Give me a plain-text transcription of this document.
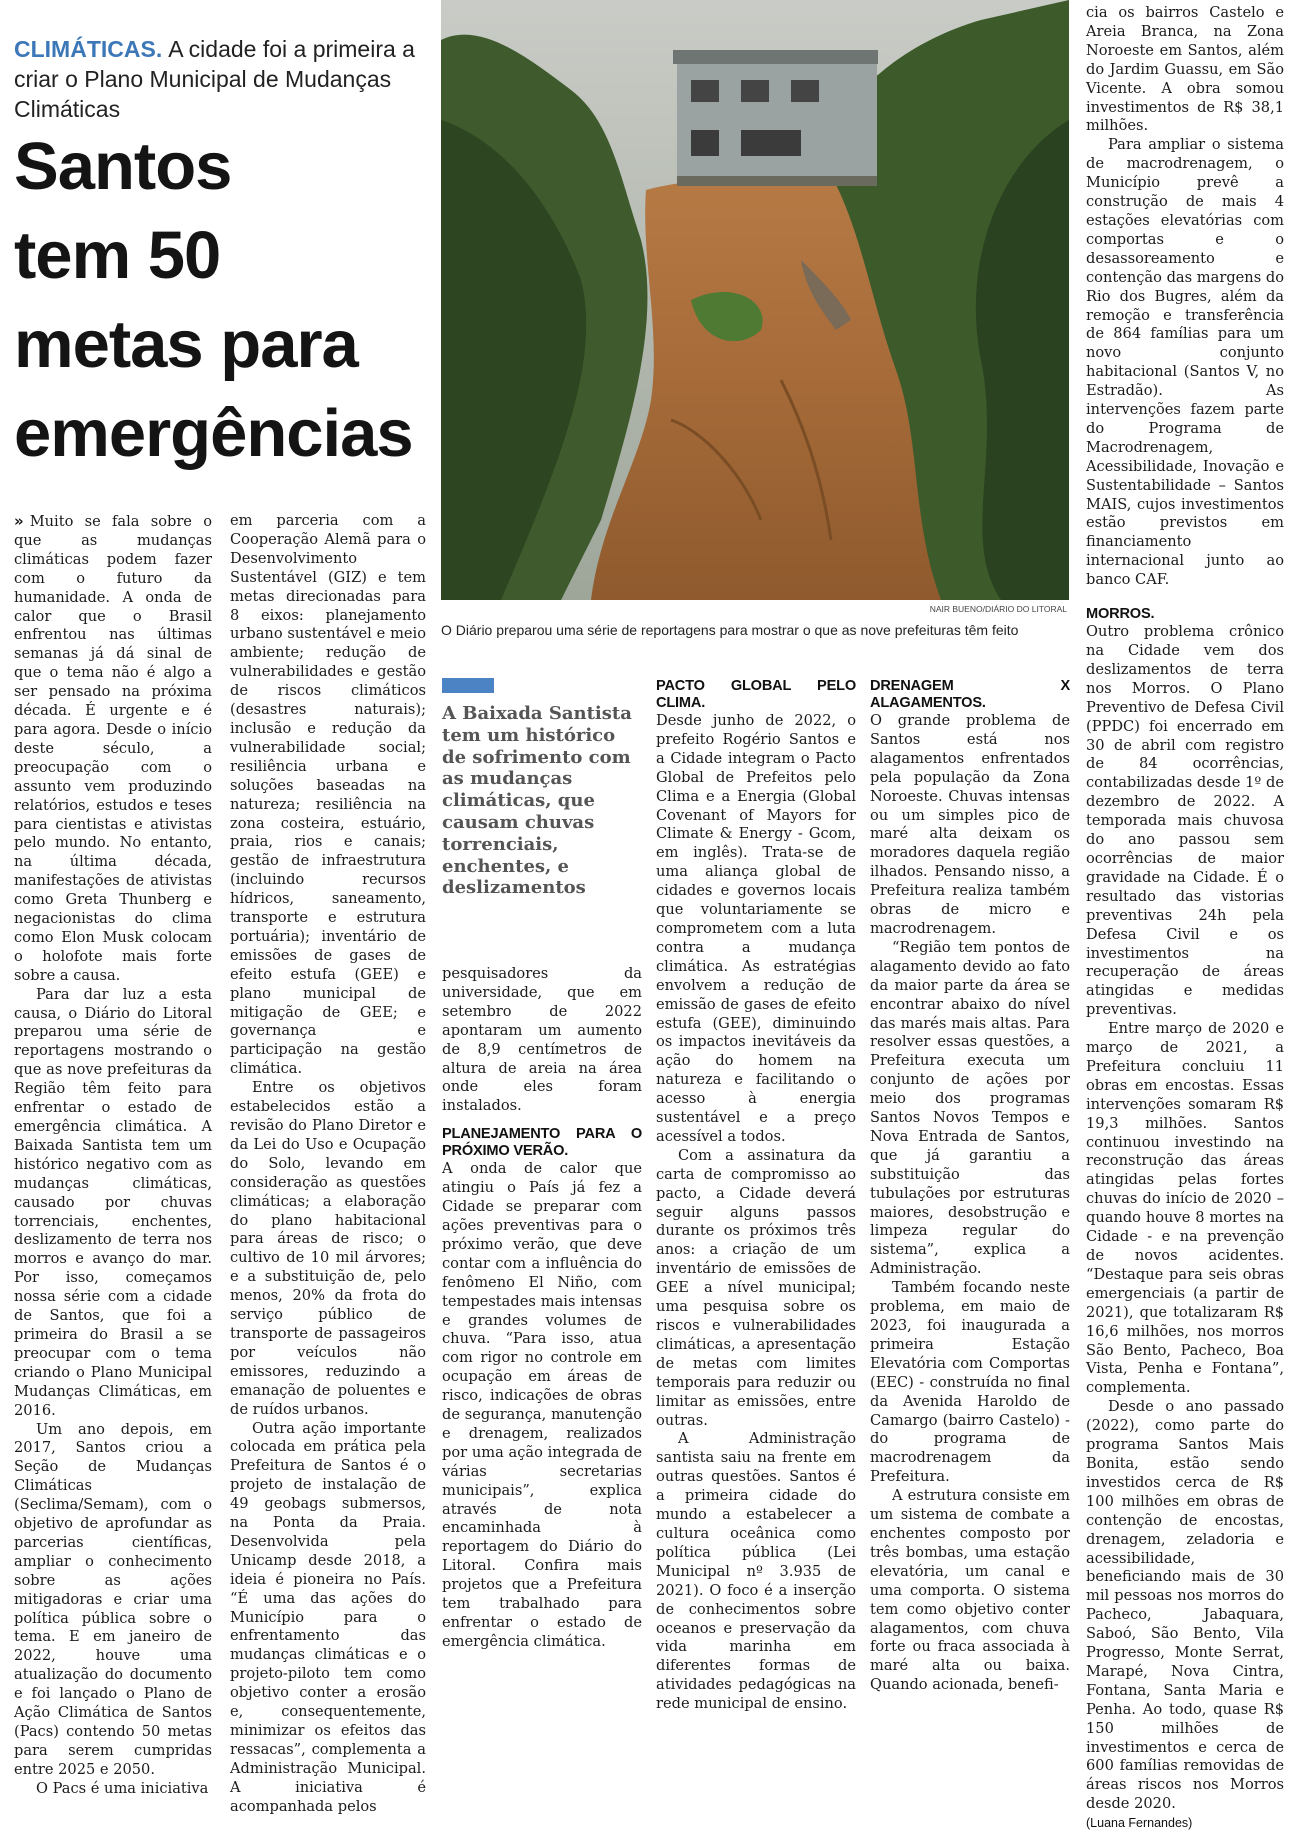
CLIMÁTICAS. A cidade foi a primeira a criar o Plano Municipal de Mudanças Climáticas
Santos
tem 50
metas para
emergências
NAIR BUENO/DIÁRIO DO LITORAL
O Diário preparou uma série de reportagens para mostrar o que as nove prefeituras têm feito

» Muito se fala sobre o que as mudanças climáticas podem fazer com o futuro da humanidade. A onda de calor que o Brasil enfrentou nas últimas semanas já dá sinal de que o tema não é algo a ser pensado na próxima década. É urgente e é para agora. Desde o início deste século, a preocupação com o assunto vem produzindo relatórios, estudos e teses para cientistas e ativistas pelo mundo. No entanto, na última década, manifestações de ativistas como Greta Thunberg e negacionistas do clima como Elon Musk colocam o holofote mais forte sobre a causa.

Para dar luz a esta causa, o Diário do Litoral preparou uma série de reportagens mostrando o que as nove prefeituras da Região têm feito para enfrentar o estado de emergência climática. A Baixada Santista tem um histórico negativo com as mudanças climáticas, causado por chuvas torrenciais, enchentes, deslizamento de terra nos morros e avanço do mar. Por isso, começamos nossa série com a cidade de Santos, que foi a primeira do Brasil a se preocupar com o tema criando o Plano Municipal Mudanças Climáticas, em 2016.

Um ano depois, em 2017, Santos criou a Seção de Mudanças Climáticas (Seclima/Semam), com o objetivo de aprofundar as parcerias científicas, ampliar o conhecimento sobre as ações mitigadoras e criar uma política pública sobre o tema. E em janeiro de 2022, houve uma atualização do documento e foi lançado o Plano de Ação Climática de Santos (Pacs) contendo 50 metas para serem cumpridas entre 2025 e 2050.

O Pacs é uma iniciativa

em parceria com a Cooperação Alemã para o Desenvolvimento Sustentável (GIZ) e tem metas direcionadas para 8 eixos: planejamento urbano sustentável e meio ambiente; redução de vulnerabilidades e gestão de riscos climáticos (desastres naturais); inclusão e redução da vulnerabilidade social; resiliência urbana e soluções baseadas na natureza; resiliência na zona costeira, estuário, praia, rios e canais; gestão de infraestrutura (incluindo recursos hídricos, saneamento, transporte e estrutura portuária); inventário de emissões de gases de efeito estufa (GEE) e plano municipal de mitigação de GEE; e governança e participação na gestão climática.

Entre os objetivos estabelecidos estão a revisão do Plano Diretor e da Lei do Uso e Ocupação do Solo, levando em consideração as questões climáticas; a elaboração do plano habitacional para áreas de risco; o cultivo de 10 mil árvores; e a substituição de, pelo menos, 20% da frota do serviço público de transporte de passageiros por veículos não emissores, reduzindo a emanação de poluentes e de ruídos urbanos.

Outra ação importante colocada em prática pela Prefeitura de Santos é o projeto de instalação de 49 geobags submersos, na Ponta da Praia. Desenvolvida pela Unicamp desde 2018, a ideia é pioneira no País. “É uma das ações do Município para o enfrentamento das mudanças climáticas e o projeto-piloto tem como objetivo conter a erosão e, consequentemente, minimizar os efeitos das ressacas”, complementa a Administração Municipal. A iniciativa é acompanhada pelos

A Baixada Santista tem um histórico de sofrimento com as mudanças climáticas, que causam chuvas torrenciais, enchentes, e deslizamentos

pesquisadores da universidade, que em setembro de 2022 apontaram um aumento de 8,9 centímetros de altura de areia na área onde eles foram instalados.

PLANEJAMENTO PARA O PRÓXIMO VERÃO.

A onda de calor que atingiu o País já fez a Cidade se preparar com ações preventivas para o próximo verão, que deve contar com a influência do fenômeno El Niño, com tempestades mais intensas e grandes volumes de chuva. “Para isso, atua com rigor no controle em ocupação em áreas de risco, indicações de obras de segurança, manutenção e drenagem, realizados por uma ação integrada de várias secretarias municipais”, explica através de nota encaminhada à reportagem do Diário do Litoral. Confira mais projetos que a Prefeitura tem trabalhado para enfrentar o estado de emergência climática.

PACTO GLOBAL PELO CLIMA.

Desde junho de 2022, o prefeito Rogério Santos e a Cidade integram o Pacto Global de Prefeitos pelo Clima e a Energia (Global Covenant of Mayors for Climate & Energy - Gcom, em inglês). Trata-se de uma aliança global de cidades e governos locais que voluntariamente se comprometem com a luta contra a mudança climática. As estratégias envolvem a redução de emissão de gases de efeito estufa (GEE), diminuindo os impactos inevitáveis da ação do homem na natureza e facilitando o acesso à energia sustentável e a preço acessível a todos.

Com a assinatura da carta de compromisso ao pacto, a Cidade deverá seguir alguns passos durante os próximos três anos: a criação de um inventário de emissões de GEE a nível municipal; uma pesquisa sobre os riscos e vulnerabilidades climáticas, a apresentação de metas com limites temporais para reduzir ou limitar as emissões, entre outras.

A Administração santista saiu na frente em outras questões. Santos é a primeira cidade do mundo a estabelecer a cultura oceânica como política pública (Lei Municipal nº 3.935 de 2021). O foco é a inserção de conhecimentos sobre oceanos e preservação da vida marinha em diferentes formas de atividades pedagógicas na rede municipal de ensino.

DRENAGEM X ALAGAMENTOS.

O grande problema de Santos está nos alagamentos enfrentados pela população da Zona Noroeste. Chuvas intensas ou um simples pico de maré alta deixam os moradores daquela região ilhados. Pensando nisso, a Prefeitura realiza também obras de micro e macrodrenagem.

“Região tem pontos de alagamento devido ao fato da maior parte da área se encontrar abaixo do nível das marés mais altas. Para resolver essas questões, a Prefeitura executa um conjunto de ações por meio dos programas Santos Novos Tempos e Nova Entrada de Santos, que já garantiu a substituição das tubulações por estruturas maiores, desobstrução e limpeza regular do sistema”, explica a Administração.

Também focando neste problema, em maio de 2023, foi inaugurada a primeira Estação Elevatória com Comportas (EEC) - construída no final da Avenida Haroldo de Camargo (bairro Castelo) - do programa de macrodrenagem da Prefeitura.

A estrutura consiste em um sistema de combate a enchentes composto por três bombas, uma estação elevatória, um canal e uma comporta. O sistema tem como objetivo conter alagamentos, com chuva forte ou fraca associada à maré alta ou baixa. Quando acionada, benefi-

cia os bairros Castelo e Areia Branca, na Zona Noroeste em Santos, além do Jardim Guassu, em São Vicente. A obra somou investimentos de R$ 38,1 milhões.

Para ampliar o sistema de macrodrenagem, o Município prevê a construção de mais 4 estações elevatórias com comportas e o desassoreamento e contenção das margens do Rio dos Bugres, além da remoção e transferência de 864 famílias para um novo conjunto habitacional (Santos V, no Estradão). As intervenções fazem parte do Programa de Macrodrenagem, Acessibilidade, Inovação e Sustentabilidade – Santos MAIS, cujos investimentos estão previstos em financiamento internacional junto ao banco CAF.

MORROS.

Outro problema crônico na Cidade vem dos deslizamentos de terra nos Morros. O Plano Preventivo de Defesa Civil (PPDC) foi encerrado em 30 de abril com registro de 84 ocorrências, contabilizadas desde 1º de dezembro de 2022. A temporada mais chuvosa do ano passou sem ocorrências de maior gravidade na Cidade. É o resultado das vistorias preventivas 24h pela Defesa Civil e os investimentos na recuperação de áreas atingidas e medidas preventivas.

Entre março de 2020 e março de 2021, a Prefeitura concluiu 11 obras em encostas. Essas intervenções somaram R$ 19,3 milhões. Santos continuou investindo na reconstrução das áreas atingidas pelas fortes chuvas do início de 2020 – quando houve 8 mortes na Cidade - e na prevenção de novos acidentes. “Destaque para seis obras emergenciais (a partir de 2021), que totalizaram R$ 16,6 milhões, nos morros São Bento, Pacheco, Boa Vista, Penha e Fontana”, complementa.

Desde o ano passado (2022), como parte do programa Santos Mais Bonita, estão sendo investidos cerca de R$ 100 milhões em obras de contenção de encostas, drenagem, zeladoria e acessibilidade, beneficiando mais de 30 mil pessoas nos morros do Pacheco, Jabaquara, Saboó, São Bento, Vila Progresso, Monte Serrat, Marapé, Nova Cintra, Fontana, Santa Maria e Penha. Ao todo, quase R$ 150 milhões de investimentos e cerca de 600 famílias removidas de áreas riscos nos Morros desde 2020.

(Luana Fernandes)
